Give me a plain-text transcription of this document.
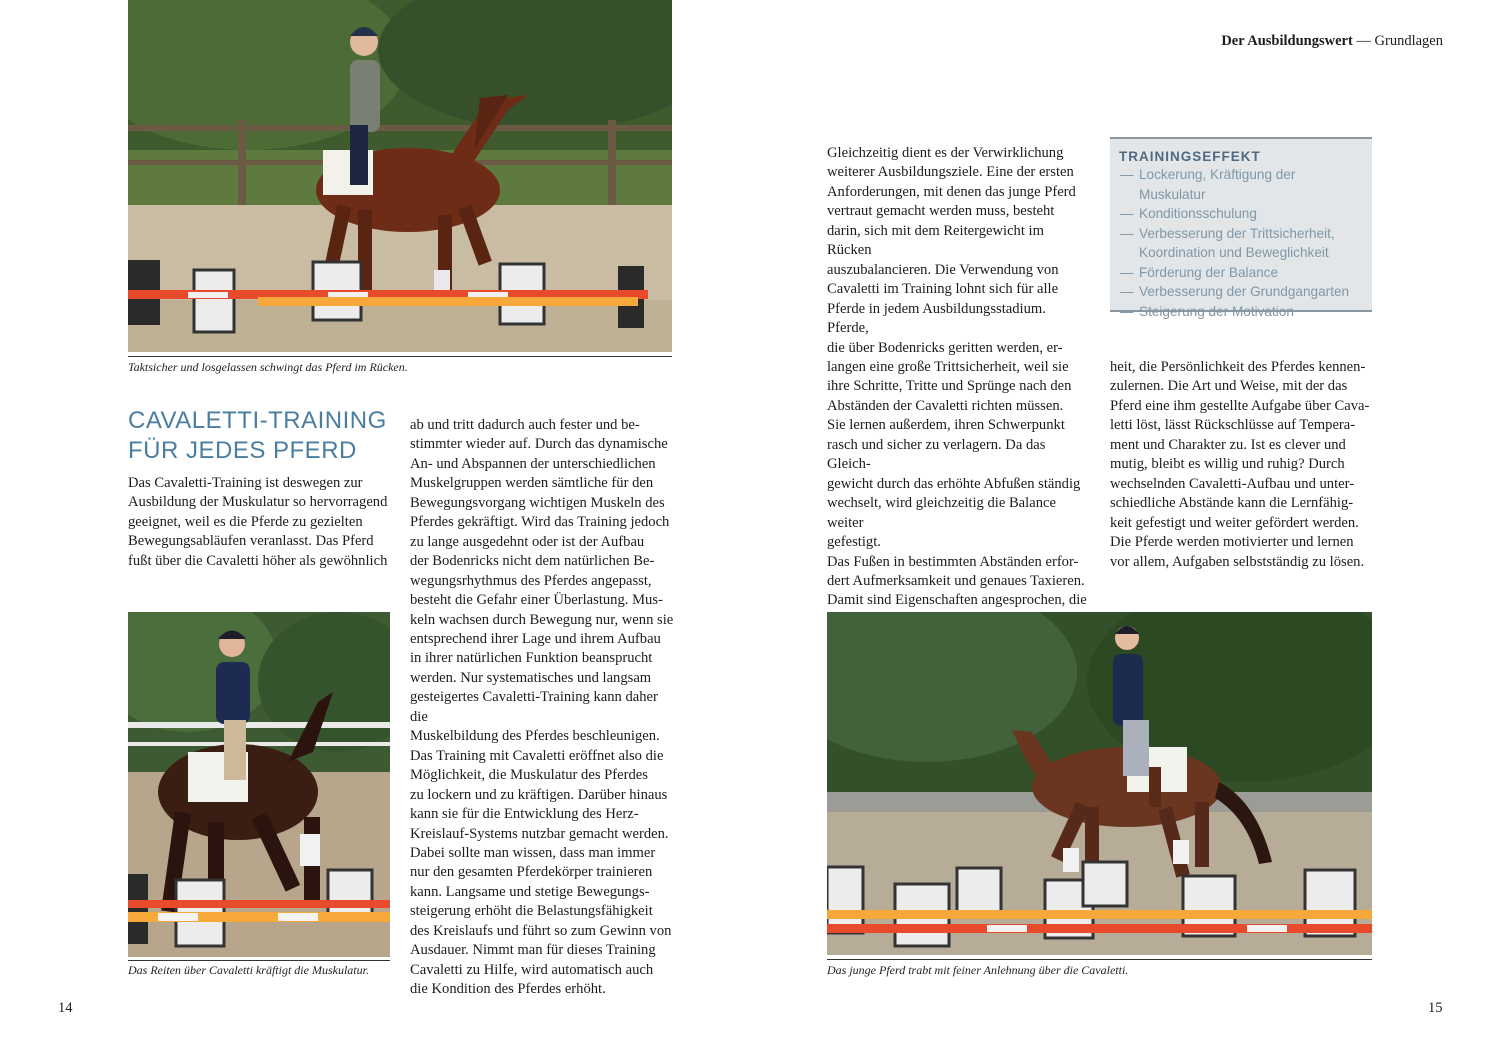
Der Ausbildungswert — Grundlagen
Taktsicher und losgelassen schwingt das Pferd im Rücken.
CAVALETTI-TRAINING
FÜR JEDES PFERD

Das Cavaletti-Training ist deswegen zur

Ausbildung der Muskulatur so hervorragend

geeignet, weil es die Pferde zu gezielten

Bewegungsabläufen veranlasst. Das Pferd

fußt über die Cavaletti höher als gewöhnlich

Das Reiten über Cavaletti kräftigt die Muskulatur.

ab und tritt dadurch auch fester und be-

stimmter wieder auf. Durch das dynamische

An- und Abspannen der unterschiedlichen

Muskelgruppen werden sämtliche für den

Bewegungsvorgang wichtigen Muskeln des

Pferdes gekräftigt. Wird das Training jedoch

zu lange ausgedehnt oder ist der Aufbau

der Bodenricks nicht dem natürlichen Be-

wegungsrhythmus des Pferdes angepasst,

besteht die Gefahr einer Überlastung. Mus-

keln wachsen durch Bewegung nur, wenn sie

entsprechend ihrer Lage und ihrem Aufbau

in ihrer natürlichen Funktion beansprucht

werden. Nur systematisches und langsam

gesteigertes Cavaletti-Training kann daher die

Muskelbildung des Pferdes beschleunigen.

Das Training mit Cavaletti eröffnet also die

Möglichkeit, die Muskulatur des Pferdes

zu lockern und zu kräftigen. Darüber hinaus

kann sie für die Entwicklung des Herz-

Kreislauf-Systems nutzbar gemacht werden.

Dabei sollte man wissen, dass man immer

nur den gesamten Pferdekörper trainieren

kann. Langsame und stetige Bewegungs-

steigerung erhöht die Belastungsfähigkeit

des Kreislaufs und führt so zum Gewinn von

Ausdauer. Nimmt man für dieses Training

Cavaletti zu Hilfe, wird automatisch auch

die Kondition des Pferdes erhöht.

14

Gleichzeitig dient es der Verwirklichung

weiterer Ausbildungsziele. Eine der ersten

Anforderungen, mit denen das junge Pferd

vertraut gemacht werden muss, besteht

darin, sich mit dem Reitergewicht im Rücken

auszubalancieren. Die Verwendung von

Cavaletti im Training lohnt sich für alle

Pferde in jedem Ausbildungsstadium. Pferde,

die über Bodenricks geritten werden, er-

langen eine große Trittsicherheit, weil sie

ihre Schritte, Tritte und Sprünge nach den

Abständen der Cavaletti richten müssen.

Sie lernen außerdem, ihren Schwerpunkt

rasch und sicher zu verlagern. Da das Gleich-

gewicht durch das erhöhte Abfußen ständig

wechselt, wird gleichzeitig die Balance weiter

gefestigt.

Das Fußen in bestimmten Abständen erfor-

dert Aufmerksamkeit und genaues Taxieren.

Damit sind Eigenschaften angesprochen, die

TRAININGSEFFEKT
— Lockerung, Kräftigung der Muskulatur
— Konditionsschulung
— Verbesserung der Trittsicherheit, Koordination und Beweglichkeit
— Förderung der Balance
— Verbesserung der Grundgangarten
— Steigerung der Motivation

heit, die Persönlichkeit des Pferdes kennen-

zulernen. Die Art und Weise, mit der das

Pferd eine ihm gestellte Aufgabe über Cava-

letti löst, lässt Rückschlüsse auf Tempera-

ment und Charakter zu. Ist es clever und

mutig, bleibt es willig und ruhig? Durch

wechselnden Cavaletti-Aufbau und unter-

schiedliche Abstände kann die Lernfähig-

keit gefestigt und weiter gefördert werden.

Die Pferde werden motivierter und lernen

vor allem, Aufgaben selbstständig zu lösen.

Das junge Pferd trabt mit feiner Anlehnung über die Cavaletti.
15
